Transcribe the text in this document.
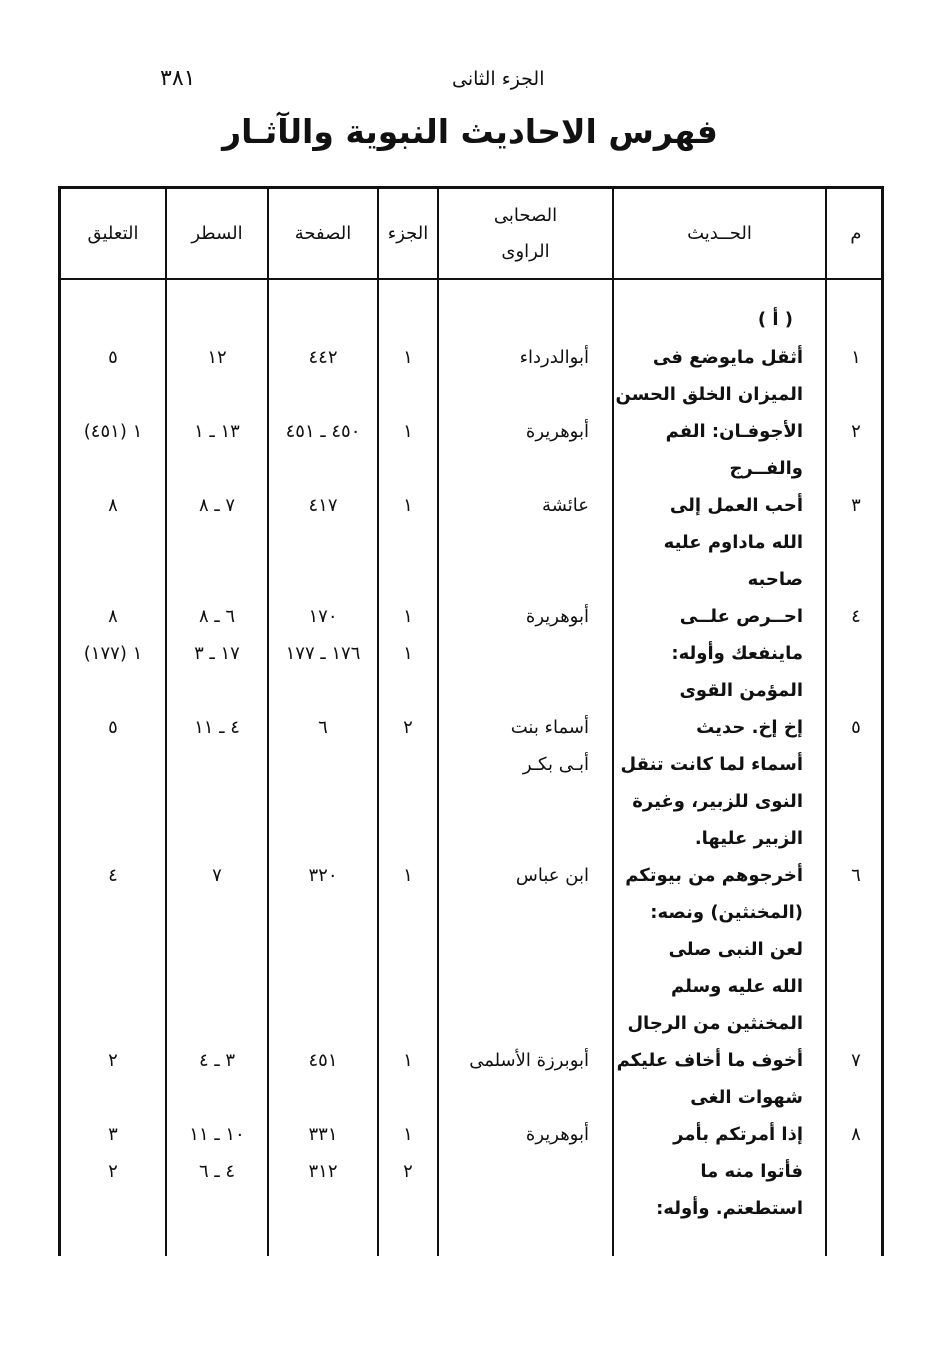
٣٨١	الجزء الثانى
فهرس الاحاديث النبوية والآثـار
م
الحــديث
الصحابى
الراوى
الجزء
الصفحة
السطر
التعليق
( أ )
١
أثقل مايوضع فى
أبوالدرداء
١
٤٤٢
١٢
٥
الميزان الخلق الحسن
٢
الأجوفـان: الفم
أبوهريرة
١
٤٥٠ ـ ٤٥١
١٣ ـ ١
١ (٤٥١)
والفــرج
٣
أحب العمل إلى
عائشة
١
٤١٧
٧ ـ ٨
٨
الله ماداوم عليه
صاحبه
٤
احــرص علــى
أبوهريرة
١
١٧٠
٦ ـ ٨
٨
ماينفعك وأوله:
١
١٧٦ ـ ١٧٧
١٧ ـ ٣
١ (١٧٧)
المؤمن القوى
٥
إخ إخ. حديث
أسماء بنت
٢
٦
٤ ـ ١١
٥
أسماء لما كانت تنقل
أبـى بكـر
النوى للزبير، وغيرة
الزبير عليها.
٦
أخرجوهم من بيوتكم
ابن عباس
١
٣٢٠
٧
٤
(المخنثين) ونصه:
لعن النبى صلى
الله عليه وسلم
المخنثين من الرجال
٧
أخوف ما أخاف عليكم
أبوبرزة الأسلمى
١
٤٥١
٣ ـ ٤
٢
شهوات الغى
٨
إذا أمرتكم بأمر
أبوهريرة
١
٣٣١
١٠ ـ ١١
٣
فأتوا منه ما
٢
٣١٢
٤ ـ ٦
٢
استطعتم. وأوله:
